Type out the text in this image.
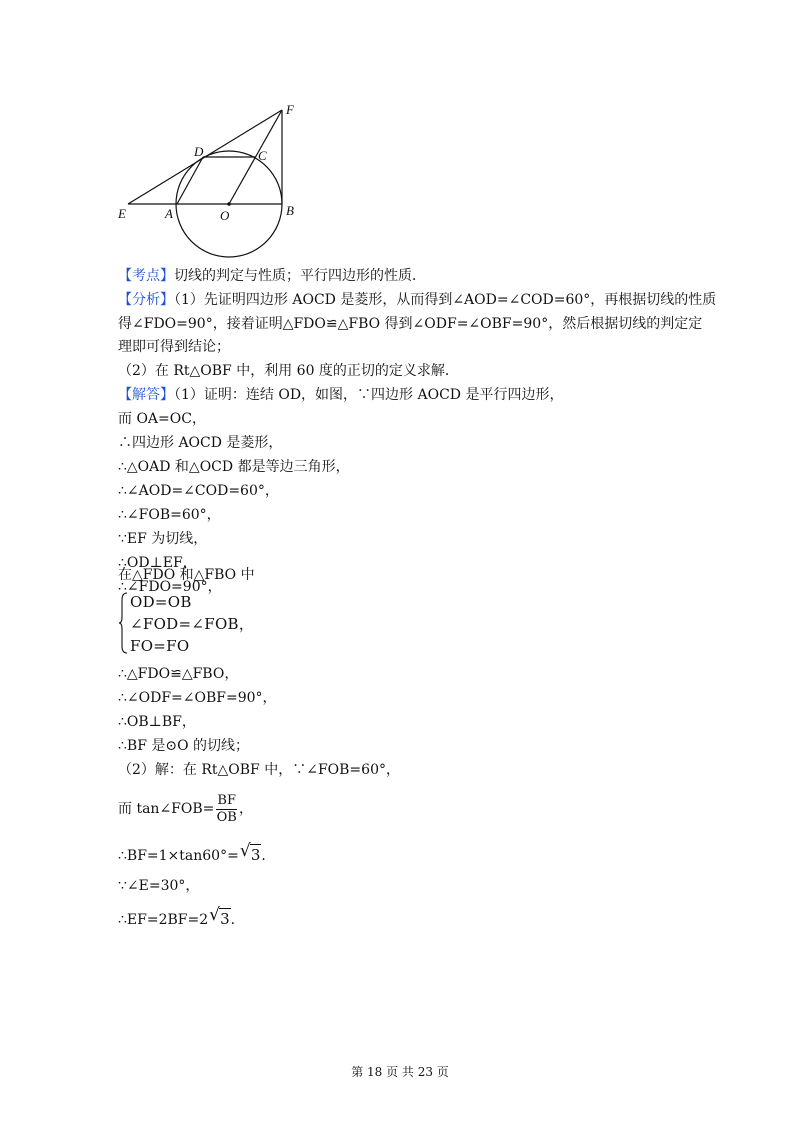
E	A	O	B
D	C
F
【考点】切线的判定与性质；平行四边形的性质．
【分析】（1）先证明四边形 AOCD 是菱形，从而得到∠AOD=∠COD=60°，再根据切线的性质
得∠FDO=90°，接着证明△FDO≌△FBO 得到∠ODF=∠OBF=90°，然后根据切线的判定定
理即可得到结论；
（2）在 Rt△OBF 中，利用 60 度的正切的定义求解．
【解答】（1）证明：连结 OD，如图，∵四边形 AOCD 是平行四边形，
而 OA=OC，
∴四边形 AOCD 是菱形，
∴△OAD 和△OCD 都是等边三角形，
∴∠AOD=∠COD=60°，
∴∠FOB=60°，
∵EF 为切线，
∴OD⊥EF，
∴∠FDO=90°，
在△FDO 和△FBO 中
OD=OB
∠FOD=∠FOB，
FO=FO
∴△FDO≌△FBO，
∴∠ODF=∠OBF=90°，
∴OB⊥BF，
∴BF 是⊙O 的切线；
（2）解：在 Rt△OBF 中，∵∠FOB=60°，
而 tan∠FOB= $\frac{BF}{OB}$ ，
∴BF=1×tan60°= √ 3．
∵∠E=30°，
∴EF=2BF=2 √ 3．
第 18 页 共 23 页
